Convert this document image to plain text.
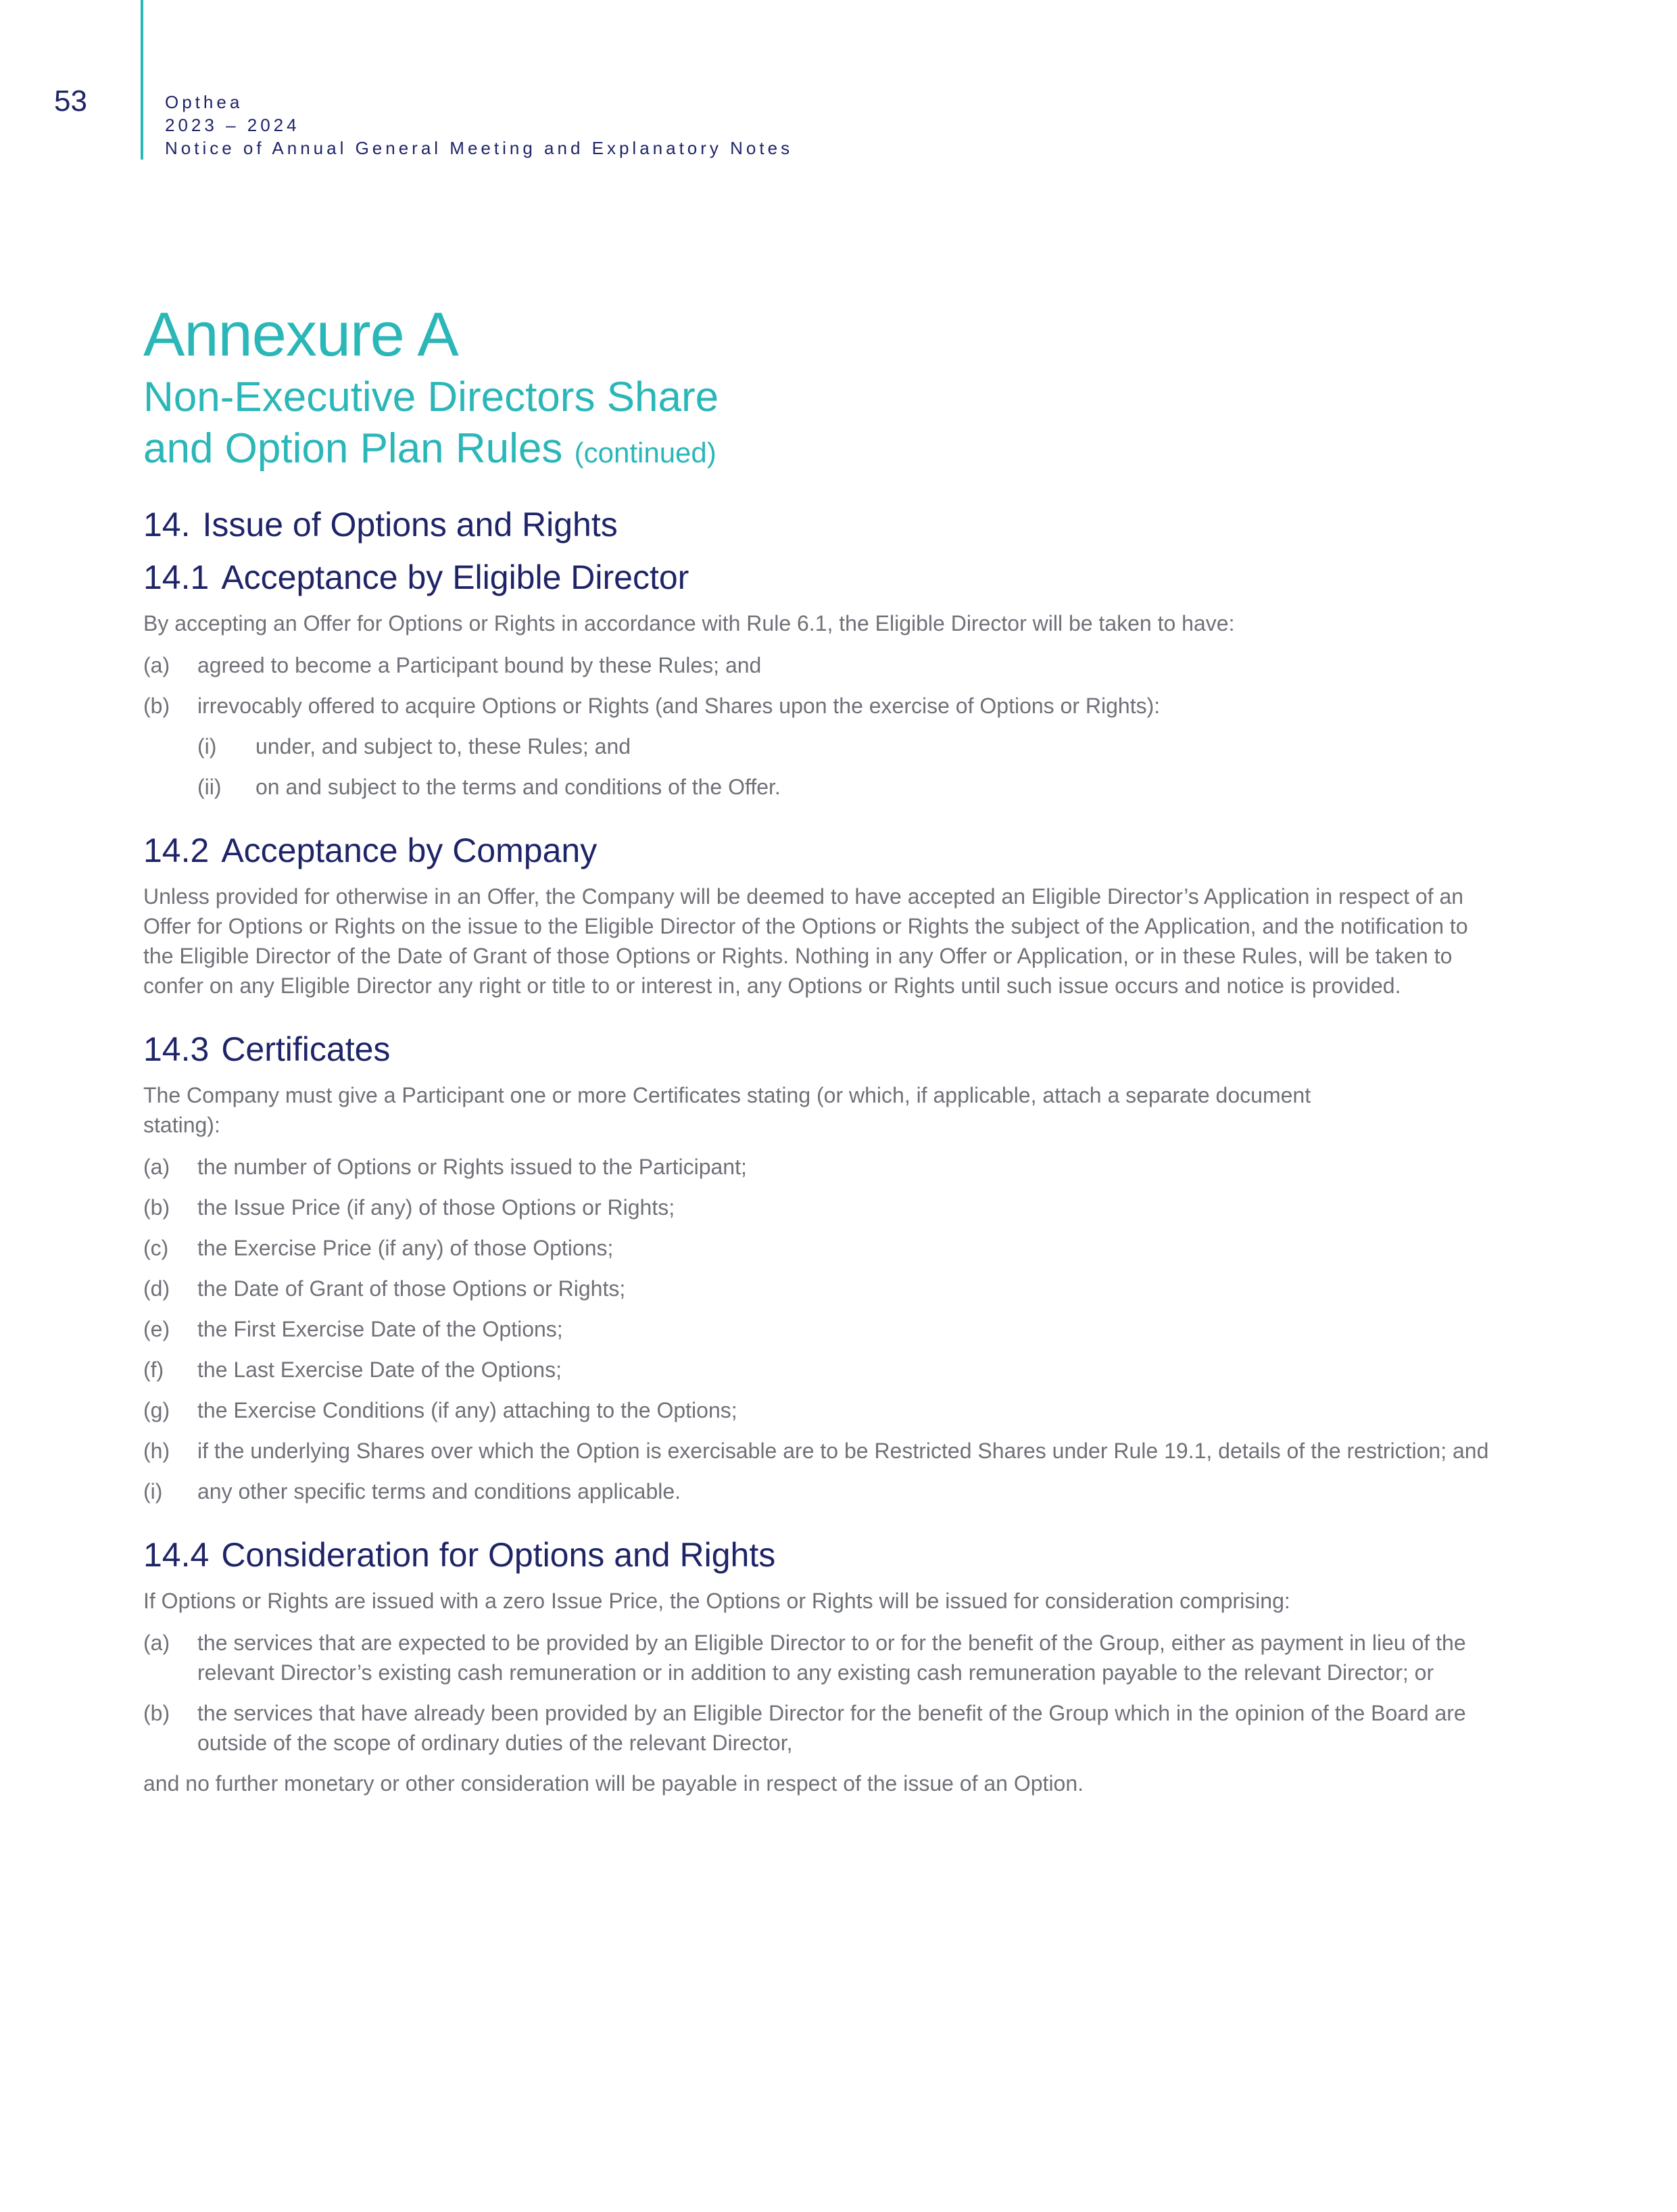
53	Opthea
2023 – 2024
Notice of Annual General Meeting and Explanatory Notes
Annexure A
Non-Executive Directors Share
and Option Plan Rules (continued)
14. Issue of Options and Rights
14.1 Acceptance by Eligible Director

By accepting an Offer for Options or Rights in accordance with Rule 6.1, the Eligible Director will be taken to have:

(a)	agreed to become a Participant bound by these Rules; and
(b)	irrevocably offered to acquire Options or Rights (and Shares upon the exercise of Options or Rights):
(i)	under, and subject to, these Rules; and
(ii)	on and subject to the terms and conditions of the Offer.
14.2 Acceptance by Company

Unless provided for otherwise in an Offer, the Company will be deemed to have accepted an Eligible Director’s Application in respect of an Offer for Options or Rights on the issue to the Eligible Director of the Options or Rights the subject of the Application, and the notification to the Eligible Director of the Date of Grant of those Options or Rights. Nothing in any Offer or Application, or in these Rules, will be taken to confer on any Eligible Director any right or title to or interest in, any Options or Rights until such issue occurs and notice is provided.

14.3 Certificates

The Company must give a Participant one or more Certificates stating (or which, if applicable, attach a separate document stating):

(a)	the number of Options or Rights issued to the Participant;
(b)	the Issue Price (if any) of those Options or Rights;
(c)	the Exercise Price (if any) of those Options;
(d)	the Date of Grant of those Options or Rights;
(e)	the First Exercise Date of the Options;
(f)	the Last Exercise Date of the Options;
(g)	the Exercise Conditions (if any) attaching to the Options;
(h)	if the underlying Shares over which the Option is exercisable are to be Restricted Shares under Rule 19.1, details of the restriction; and
(i)	any other specific terms and conditions applicable.
14.4 Consideration for Options and Rights

If Options or Rights are issued with a zero Issue Price, the Options or Rights will be issued for consideration comprising:

(a)	the services that are expected to be provided by an Eligible Director to or for the benefit of the Group, either as payment in lieu of the relevant Director’s existing cash remuneration or in addition to any existing cash remuneration payable to the relevant Director; or
(b)	the services that have already been provided by an Eligible Director for the benefit of the Group which in the opinion of the Board are outside of the scope of ordinary duties of the relevant Director,

and no further monetary or other consideration will be payable in respect of the issue of an Option.
